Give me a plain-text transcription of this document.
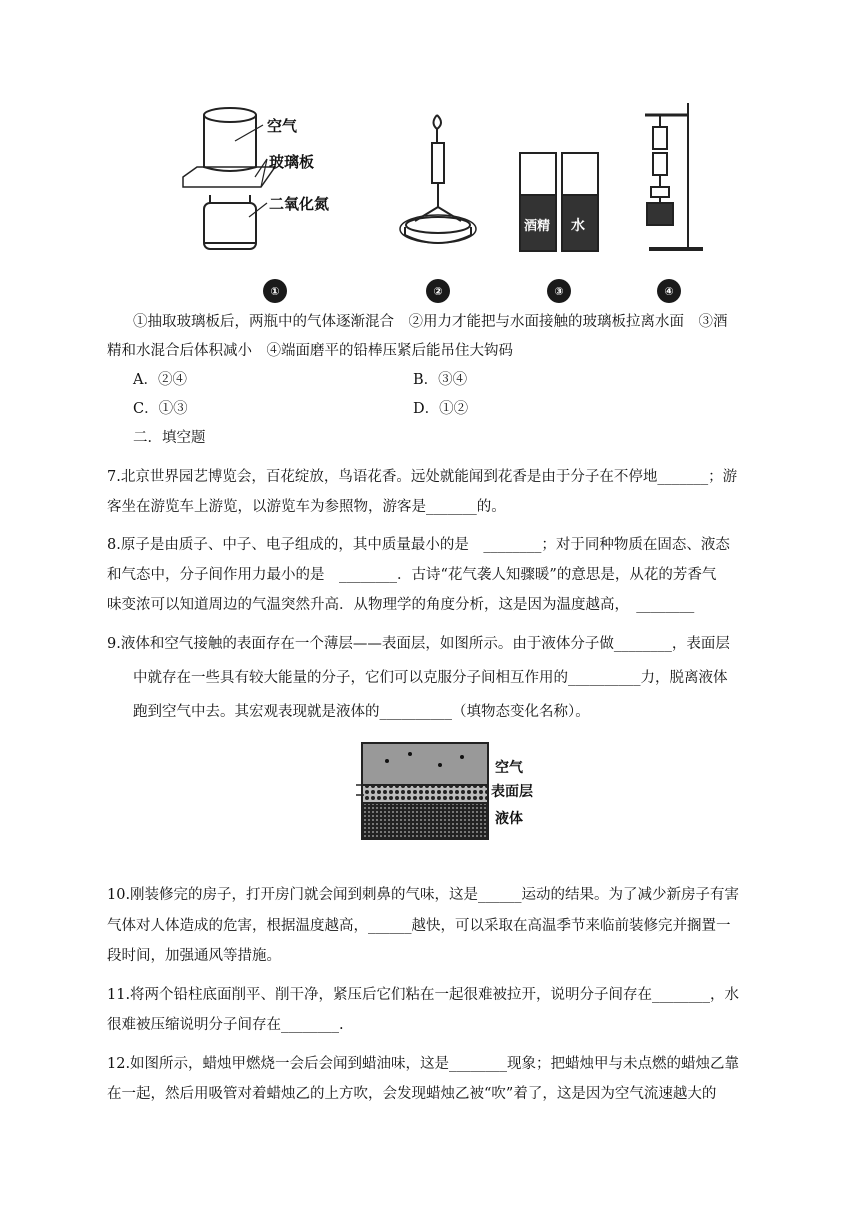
酒精 水
空气
玻璃板
二氧化氮
①	②	③	④
①抽取玻璃板后，两瓶中的气体逐渐混合　②用力才能把与水面接触的玻璃板拉离水面　③酒
精和水混合后体积减小　④端面磨平的铅棒压紧后能吊住大钩码
A．②④	B．③④
C．①③	D．①②
二．填空题
7.北京世界园艺博览会，百花绽放，鸟语花香。远处就能闻到花香是由于分子在不停地_______；游
客坐在游览车上游览，以游览车为参照物，游客是_______的。
8.原子是由质子、中子、电子组成的，其中质量最小的是　________；对于同种物质在固态、液态
和气态中，分子间作用力最小的是　________．古诗“花气袭人知骤暖”的意思是，从花的芳香气
味变浓可以知道周边的气温突然升高．从物理学的角度分析，这是因为温度越高，　________
9.液体和空气接触的表面存在一个薄层——表面层，如图所示。由于液体分子做________，表面层
中就存在一些具有较大能量的分子，它们可以克服分子间相互作用的__________力，脱离液体
跑到空气中去。其宏观表现就是液体的__________（填物态变化名称）。
空气
表面层
液体
10.刚装修完的房子，打开房门就会闻到刺鼻的气味，这是______运动的结果。为了减少新房子有害
气体对人体造成的危害，根据温度越高，______越快，可以采取在高温季节来临前装修完并搁置一
段时间，加强通风等措施。
11.将两个铅柱底面削平、削干净，紧压后它们粘在一起很难被拉开，说明分子间存在________，水
很难被压缩说明分子间存在________.
12.如图所示，蜡烛甲燃烧一会后会闻到蜡油味，这是________现象；把蜡烛甲与未点燃的蜡烛乙靠
在一起，然后用吸管对着蜡烛乙的上方吹，会发现蜡烛乙被“吹”着了，这是因为空气流速越大的
